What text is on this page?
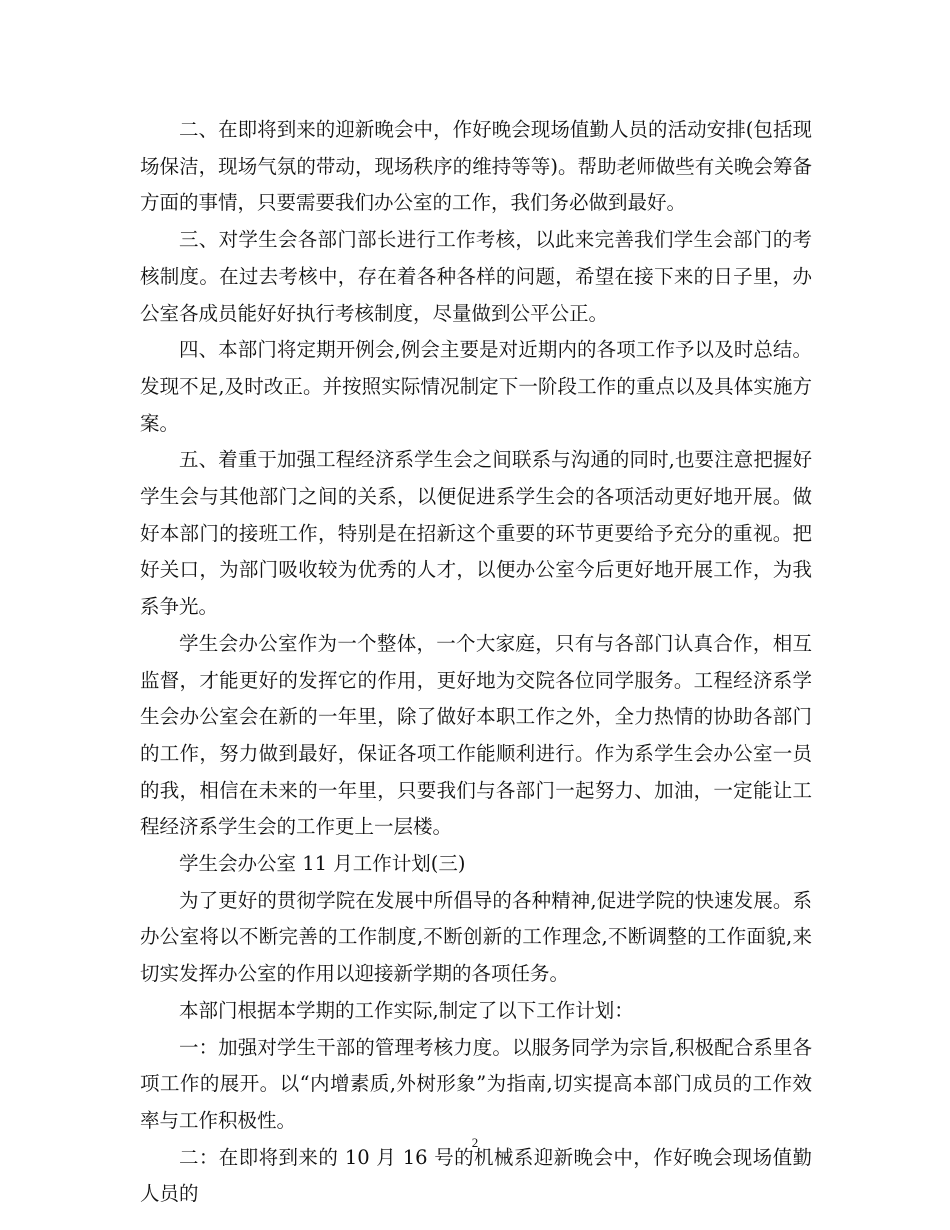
二、在即将到来的迎新晚会中，作好晚会现场值勤人员的活动安排(包括现场保洁，现场气氛的带动，现场秩序的维持等等)。帮助老师做些有关晚会筹备方面的事情，只要需要我们办公室的工作，我们务必做到最好。

三、对学生会各部门部长进行工作考核，以此来完善我们学生会部门的考核制度。在过去考核中，存在着各种各样的问题，希望在接下来的日子里，办公室各成员能好好执行考核制度，尽量做到公平公正。

四、本部门将定期开例会,例会主要是对近期内的各项工作予以及时总结。发现不足,及时改正。并按照实际情况制定下一阶段工作的重点以及具体实施方案。

五、着重于加强工程经济系学生会之间联系与沟通的同时,也要注意把握好学生会与其他部门之间的关系，以便促进系学生会的各项活动更好地开展。做好本部门的接班工作，特别是在招新这个重要的环节更要给予充分的重视。把好关口，为部门吸收较为优秀的人才，以便办公室今后更好地开展工作，为我系争光。

学生会办公室作为一个整体，一个大家庭，只有与各部门认真合作，相互监督，才能更好的发挥它的作用，更好地为交院各位同学服务。工程经济系学生会办公室会在新的一年里，除了做好本职工作之外，全力热情的协助各部门的工作，努力做到最好，保证各项工作能顺利进行。作为系学生会办公室一员的我，相信在未来的一年里，只要我们与各部门一起努力、加油，一定能让工程经济系学生会的工作更上一层楼。

学生会办公室 11 月工作计划(三)

为了更好的贯彻学院在发展中所倡导的各种精神,促进学院的快速发展。系办公室将以不断完善的工作制度,不断创新的工作理念,不断调整的工作面貌,来切实发挥办公室的作用以迎接新学期的各项任务。

本部门根据本学期的工作实际,制定了以下工作计划：

一：加强对学生干部的管理考核力度。以服务同学为宗旨,积极配合系里各项工作的展开。以“内增素质,外树形象”为指南,切实提高本部门成员的工作效率与工作积极性。

二：在即将到来的 10 月 16 号的机械系迎新晚会中，作好晚会现场值勤人员的

2
